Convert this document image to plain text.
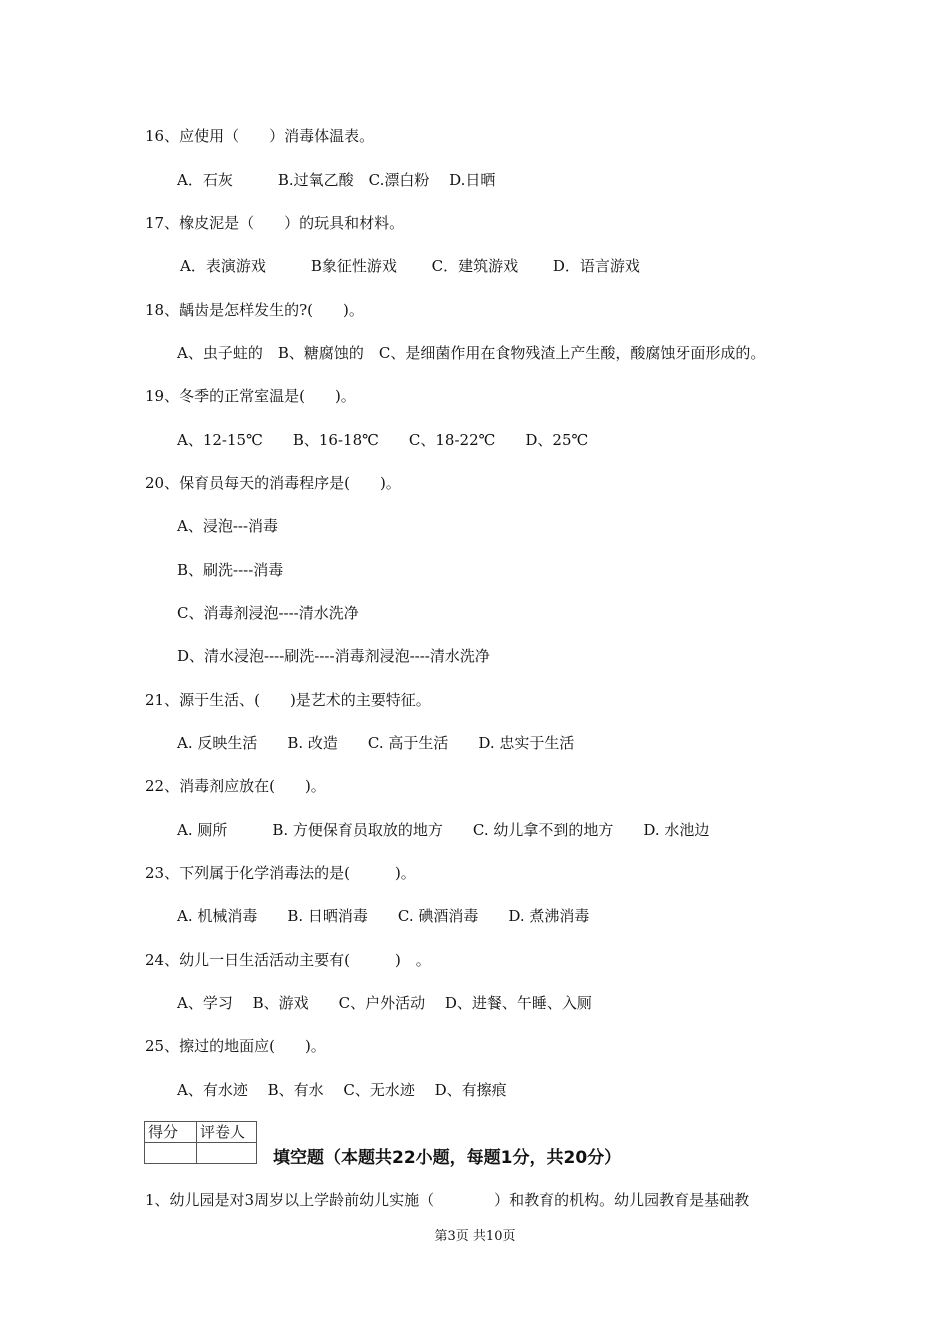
16、应使用（　　）消毒体温表。
A．石灰　　　B.过氧乙酸　C.漂白粉　 D.日晒
17、橡皮泥是（　　）的玩具和材料。
A．表演游戏　　　B象征性游戏　　 C．建筑游戏　　 D．语言游戏
18、龋齿是怎样发生的?(　　)。
A、虫子蛀的　B、糖腐蚀的　C、是细菌作用在食物残渣上产生酸，酸腐蚀牙面形成的。
19、冬季的正常室温是(　　)。
A、12-15℃　　B、16-18℃　　C、18-22℃　　D、25℃
20、保育员每天的消毒程序是(　　)。
A、浸泡---消毒
B、刷洗----消毒
C、消毒剂浸泡----清水洗净
D、清水浸泡----刷洗----消毒剂浸泡----清水洗净
21、源于生活、(　　)是艺术的主要特征。
A. 反映生活　　B. 改造　　C. 高于生活　　D. 忠实于生活
22、消毒剂应放在(　　)。
A. 厕所　　　B. 方便保育员取放的地方　　C. 幼儿拿不到的地方　　D. 水池边
23、下列属于化学消毒法的是(　　　)。
A. 机械消毒　　B. 日晒消毒　　C. 碘酒消毒　　D. 煮沸消毒
24、幼儿一日生活活动主要有(　　　)　。
A、学习　 B、游戏　　C、户外活动　 D、进餐、午睡、入厕
25、擦过的地面应(　　)。
A、有水迹　 B、有水　 C、无水迹　 D、有擦痕
得分	评卷人

填空题（本题共22小题，每题1分，共20分）
1、幼儿园是对3周岁以上学龄前幼儿实施（　　　　）和教育的机构。幼儿园教育是基础教
第3页 共10页
